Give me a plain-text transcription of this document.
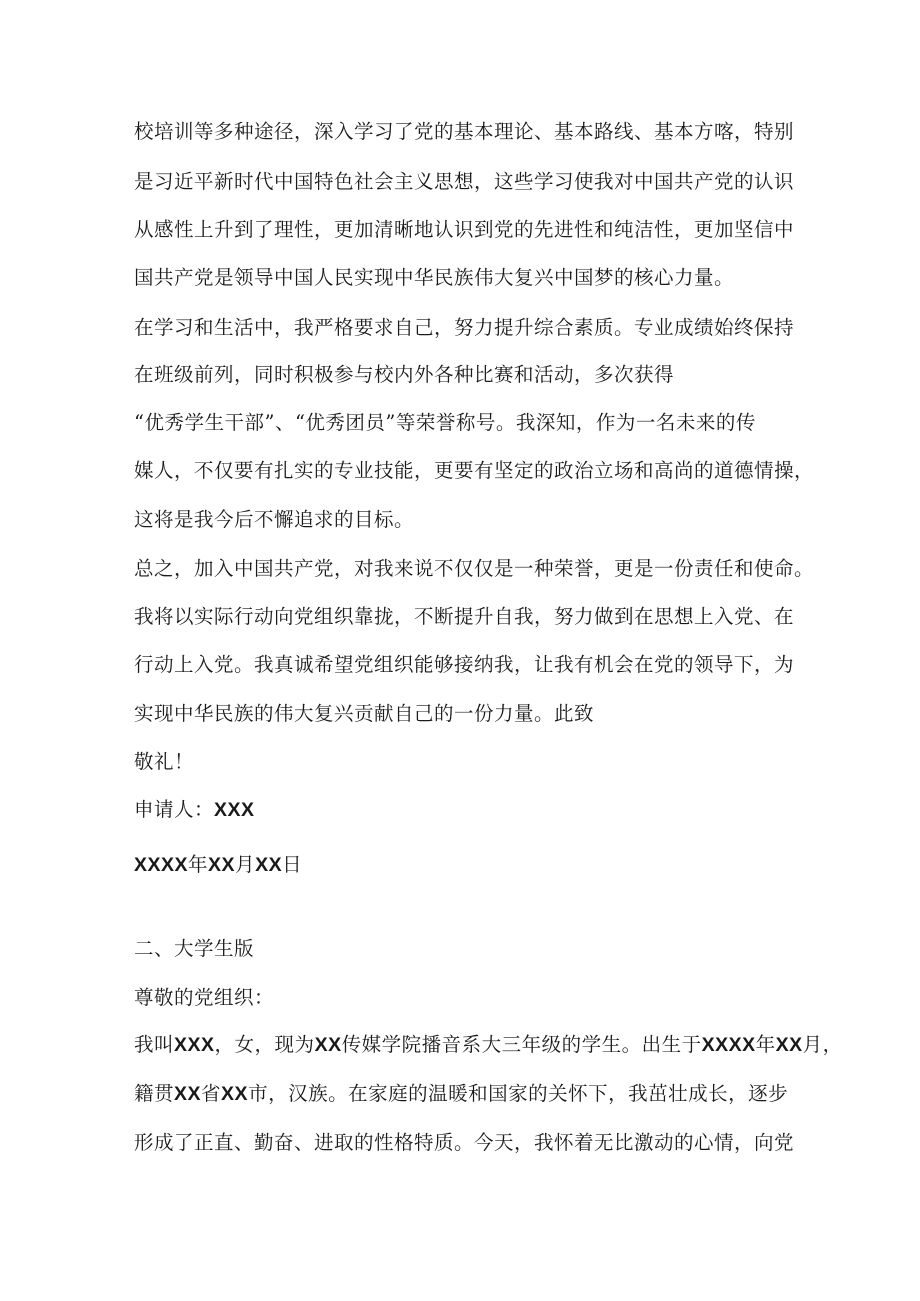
校培训等多种途径，深入学习了党的基本理论、基本路线、基本方喀，特别
是习近平新时代中国特色社会主义思想，这些学习使我对中国共产党的认识
从感性上升到了理性，更加清晰地认识到党的先进性和纯洁性，更加坚信中
国共产党是领导中国人民实现中华民族伟大复兴中国梦的核心力量。
在学习和生活中，我严格要求自己，努力提升综合素质。专业成绩始终保持
在班级前列，同时积极参与校内外各种比赛和活动，多次获得
“优秀学生干部”、“优秀团员”等荣誉称号。我深知，作为一名未来的传
媒人，不仅要有扎实的专业技能，更要有坚定的政治立场和高尚的道德情操，
这将是我今后不懈追求的目标。
总之，加入中国共产党，对我来说不仅仅是一种荣誉，更是一份责任和使命。
我将以实际行动向党组织靠拢，不断提升自我，努力做到在思想上入党、在
行动上入党。我真诚希望党组织能够接纳我，让我有机会在党的领导下，为
实现中华民族的伟大复兴贡献自己的一份力量。此致
敬礼！
申请人：XXX
XXXX年XX月XX日
二、大学生版
尊敬的党组织：
我叫XXX，女，现为XX传媒学院播音系大三年级的学生。出生于XXXX年XX月，
籍贯XX省XX市，汉族。在家庭的温暖和国家的关怀下，我茁壮成长，逐步
形成了正直、勤奋、进取的性格特质。今天，我怀着无比激动的心情，向党
